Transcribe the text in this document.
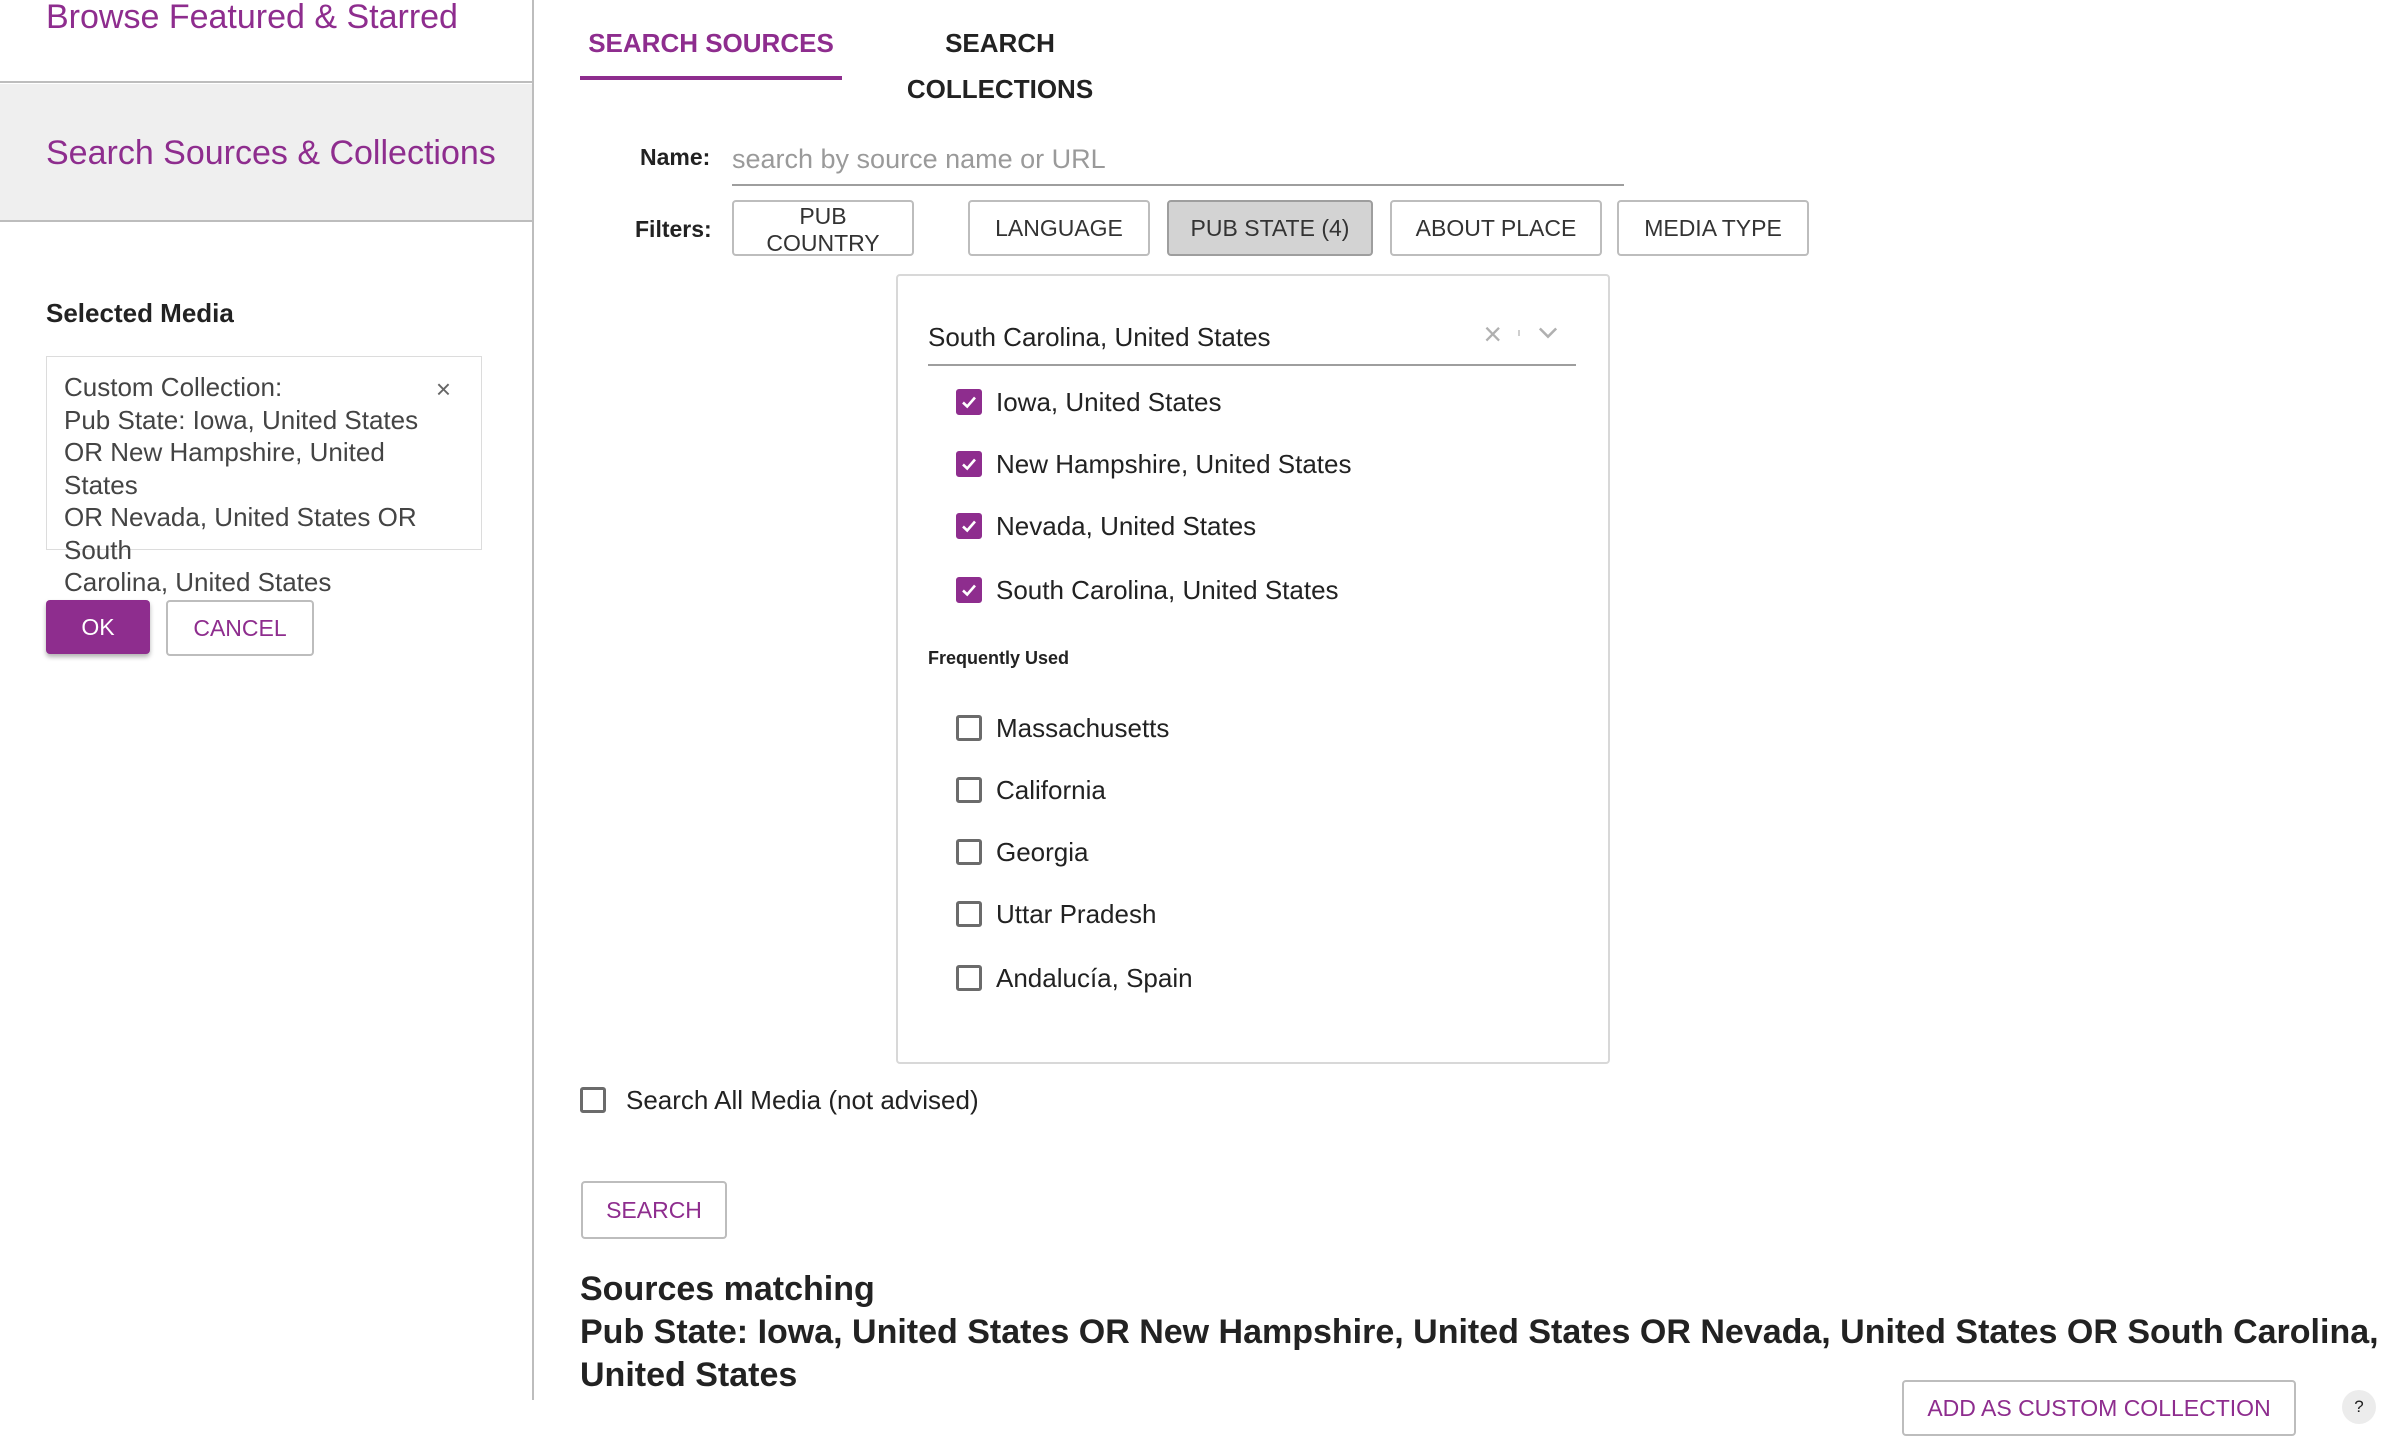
Browse Featured & Starred
Search Sources & Collections
Selected Media
Custom Collection:
Pub State: Iowa, United States
OR New Hampshire, United States
OR Nevada, United States OR South
Carolina, United States
×
OK	CANCEL
SEARCH SOURCES	SEARCH COLLECTIONS
Name:
search by source name or URL
Filters:	PUB COUNTRY
LANGUAGE	PUB STATE (4)	ABOUT PLACE	MEDIA TYPE
South Carolina, United States	×
Iowa, United States
New Hampshire, United States
Nevada, United States
South Carolina, United States
Frequently Used
Massachusetts
California
Georgia
Uttar Pradesh
Andalucía, Spain
Search All Media (not advised)
SEARCH
Sources matching
Pub State: Iowa, United States OR New Hampshire, United States OR Nevada, United States OR South Carolina, United States
ADD AS CUSTOM COLLECTION	?
